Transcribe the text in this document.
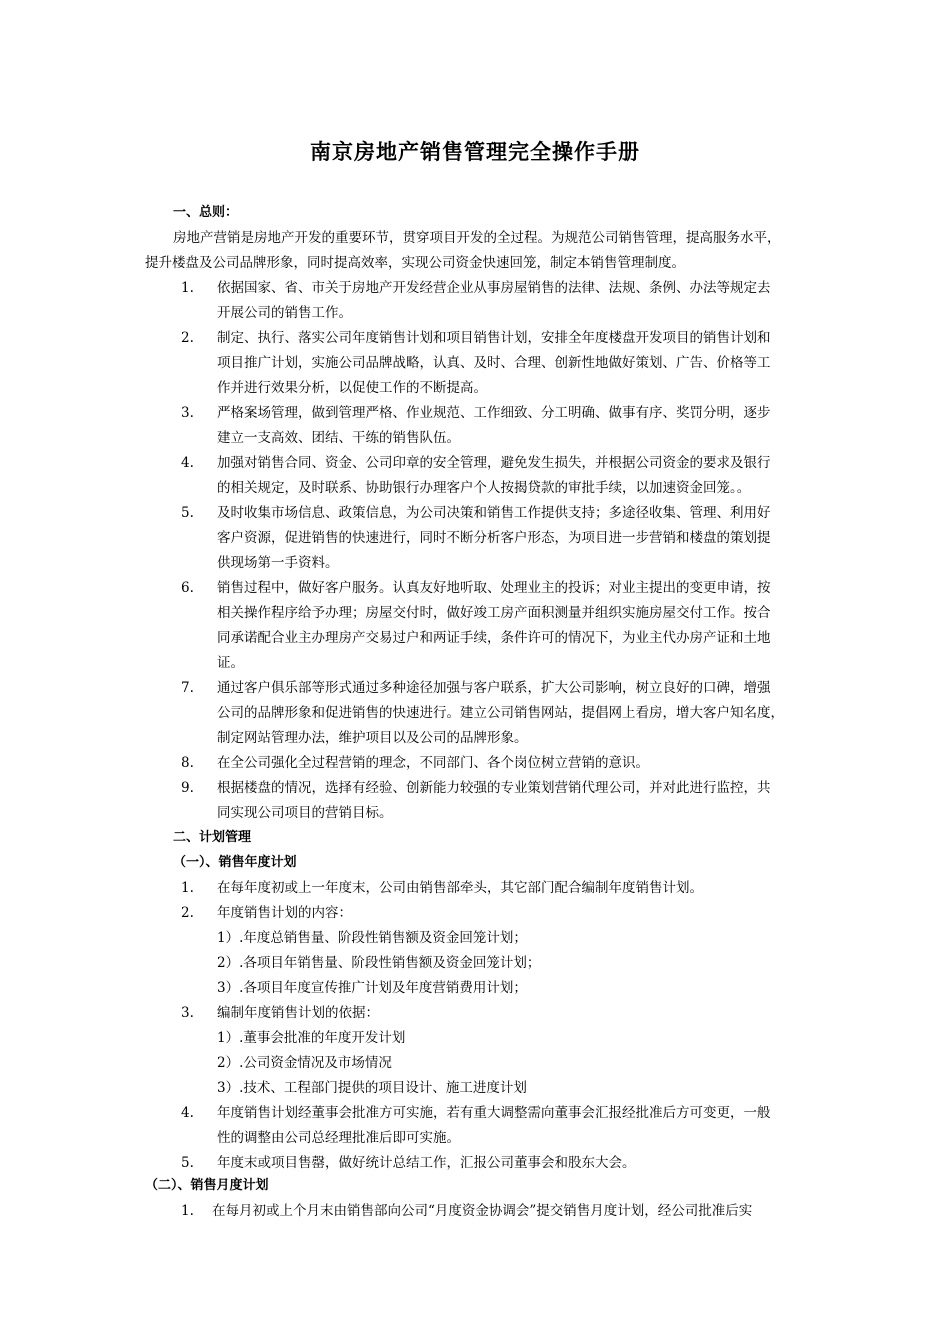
南京房地产销售管理完全操作手册
一、总则：
房地产营销是房地产开发的重要环节，贯穿项目开发的全过程。为规范公司销售管理，提高服务水平，
提升楼盘及公司品牌形象，同时提高效率，实现公司资金快速回笼，制定本销售管理制度。
1.	依据国家、省、市关于房地产开发经营企业从事房屋销售的法律、法规、条例、办法等规定去
开展公司的销售工作。
2.	制定、执行、落实公司年度销售计划和项目销售计划，安排全年度楼盘开发项目的销售计划和
项目推广计划，实施公司品牌战略，认真、及时、合理、创新性地做好策划、广告、价格等工
作并进行效果分析，以促使工作的不断提高。
3.	严格案场管理，做到管理严格、作业规范、工作细致、分工明确、做事有序、奖罚分明，逐步
建立一支高效、团结、干练的销售队伍。
4.	加强对销售合同、资金、公司印章的安全管理，避免发生损失，并根据公司资金的要求及银行
的相关规定，及时联系、协助银行办理客户个人按揭贷款的审批手续，以加速资金回笼。。
5.	及时收集市场信息、政策信息，为公司决策和销售工作提供支持；多途径收集、管理、利用好
客户资源，促进销售的快速进行，同时不断分析客户形态，为项目进一步营销和楼盘的策划提
供现场第一手资料。
6.	销售过程中，做好客户服务。认真友好地听取、处理业主的投诉；对业主提出的变更申请，按
相关操作程序给予办理；房屋交付时，做好竣工房产面积测量并组织实施房屋交付工作。按合
同承诺配合业主办理房产交易过户和两证手续，条件许可的情况下，为业主代办房产证和土地
证。
7.	通过客户俱乐部等形式通过多种途径加强与客户联系，扩大公司影响，树立良好的口碑，增强
公司的品牌形象和促进销售的快速进行。建立公司销售网站，提倡网上看房，增大客户知名度，
制定网站管理办法，维护项目以及公司的品牌形象。
8.	在全公司强化全过程营销的理念，不同部门、各个岗位树立营销的意识。
9.	根据楼盘的情况，选择有经验、创新能力较强的专业策划营销代理公司，并对此进行监控，共
同实现公司项目的营销目标。
二、计划管理
（一）、销售年度计划
1.	在每年度初或上一年度末，公司由销售部牵头，其它部门配合编制年度销售计划。
2.	年度销售计划的内容：
1）.年度总销售量、阶段性销售额及资金回笼计划；
2）.各项目年销售量、阶段性销售额及资金回笼计划；
3）.各项目年度宣传推广计划及年度营销费用计划；
3.	编制年度销售计划的依据：
1）.董事会批准的年度开发计划
2）.公司资金情况及市场情况
3）.技术、工程部门提供的项目设计、施工进度计划
4.	年度销售计划经董事会批准方可实施，若有重大调整需向董事会汇报经批准后方可变更，一般
性的调整由公司总经理批准后即可实施。
5.	年度末或项目售罄，做好统计总结工作，汇报公司董事会和股东大会。
（二）、销售月度计划
1.	在每月初或上个月末由销售部向公司“月度资金协调会”提交销售月度计划，经公司批准后实
